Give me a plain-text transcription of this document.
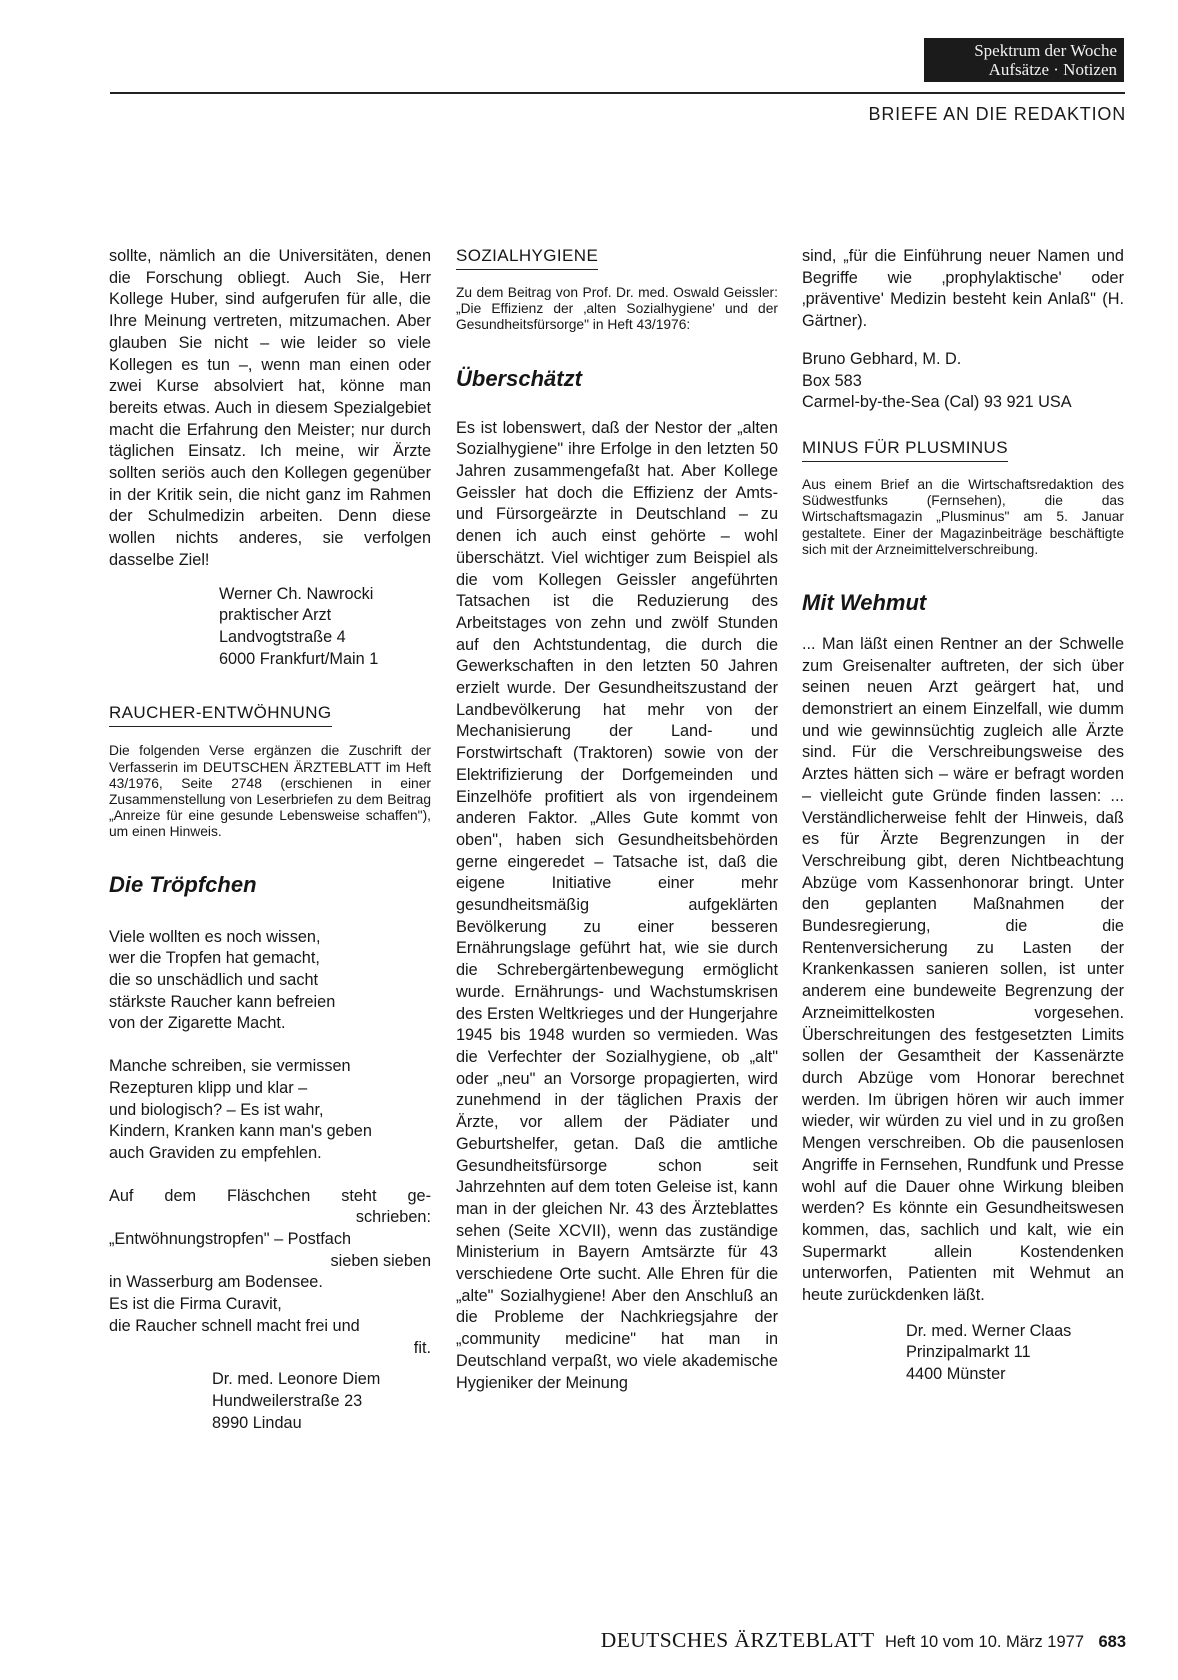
Spektrum der Woche
Aufsätze · Notizen
BRIEFE AN DIE REDAKTION

sollte, nämlich an die Universitäten, denen die Forschung obliegt. Auch Sie, Herr Kollege Huber, sind aufgerufen für alle, die Ihre Meinung vertreten, mitzumachen. Aber glauben Sie nicht – wie leider so viele Kollegen es tun –, wenn man einen oder zwei Kurse absolviert hat, könne man bereits etwas. Auch in diesem Spezialgebiet macht die Erfahrung den Meister; nur durch täglichen Einsatz. Ich meine, wir Ärzte sollten seriös auch den Kollegen gegenüber in der Kritik sein, die nicht ganz im Rahmen der Schulmedizin arbeiten. Denn diese wollen nichts anderes, sie verfolgen dasselbe Ziel!

Werner Ch. Nawrocki
praktischer Arzt
Landvogtstraße 4
6000 Frankfurt/Main 1
RAUCHER-ENTWÖHNUNG

Die folgenden Verse ergänzen die Zuschrift der Verfasserin im DEUTSCHEN ÄRZTEBLATT im Heft 43/1976, Seite 2748 (erschienen in einer Zusammenstellung von Leserbriefen zu dem Beitrag „Anreize für eine gesunde Lebensweise schaffen"), um einen Hinweis.

Die Tröpfchen

Viele wollten es noch wissen,
wer die Tropfen hat gemacht,
die so unschädlich und sacht
stärkste Raucher kann befreien
von der Zigarette Macht.
Manche schreiben, sie vermissen
Rezepturen klipp und klar –
und biologisch? – Es ist wahr,
Kindern, Kranken kann man's geben
auch Graviden zu empfehlen.
Auf dem Fläschchen steht ge-
schrieben:
„Entwöhnungstropfen" – Postfach
sieben sieben
in Wasserburg am Bodensee.
Es ist die Firma Curavit,
die Raucher schnell macht frei und
fit.
Dr. med. Leonore Diem
Hundweilerstraße 23
8990 Lindau
SOZIALHYGIENE

Zu dem Beitrag von Prof. Dr. med. Oswald Geissler: „Die Effizienz der ‚alten Sozialhygiene' und der Gesundheitsfürsorge" in Heft 43/1976:

Überschätzt

Es ist lobenswert, daß der Nestor der „alten Sozialhygiene" ihre Erfolge in den letzten 50 Jahren zusammengefaßt hat. Aber Kollege Geissler hat doch die Effizienz der Amts- und Fürsorgeärzte in Deutschland – zu denen ich auch einst gehörte – wohl überschätzt. Viel wichtiger zum Beispiel als die vom Kollegen Geissler angeführten Tatsachen ist die Reduzierung des Arbeitstages von zehn und zwölf Stunden auf den Achtstundentag, die durch die Gewerkschaften in den letzten 50 Jahren erzielt wurde. Der Gesundheitszustand der Landbevölkerung hat mehr von der Mechanisierung der Land- und Forstwirtschaft (Traktoren) sowie von der Elektrifizierung der Dorfgemeinden und Einzelhöfe profitiert als von irgendeinem anderen Faktor. „Alles Gute kommt von oben", haben sich Gesundheitsbehörden gerne eingeredet – Tatsache ist, daß die eigene Initiative einer mehr gesundheitsmäßig aufgeklärten Bevölkerung zu einer besseren Ernährungslage geführt hat, wie sie durch die Schrebergärtenbewegung ermöglicht wurde. Ernährungs- und Wachstumskrisen des Ersten Weltkrieges und der Hungerjahre 1945 bis 1948 wurden so vermieden. Was die Verfechter der Sozialhygiene, ob „alt" oder „neu" an Vorsorge propagierten, wird zunehmend in der täglichen Praxis der Ärzte, vor allem der Pädiater und Geburtshelfer, getan. Daß die amtliche Gesundheitsfürsorge schon seit Jahrzehnten auf dem toten Geleise ist, kann man in der gleichen Nr. 43 des Ärzteblattes sehen (Seite XCVII), wenn das zuständige Ministerium in Bayern Amtsärzte für 43 verschiedene Orte sucht. Alle Ehren für die „alte" Sozialhygiene! Aber den Anschluß an die Probleme der Nachkriegsjahre der „community medicine" hat man in Deutschland verpaßt, wo viele akademische Hygieniker der Meinung

sind, „für die Einführung neuer Namen und Begriffe wie ‚prophylaktische' oder ‚präventive' Medizin besteht kein Anlaß" (H. Gärtner).

Bruno Gebhard, M. D.
Box 583
Carmel-by-the-Sea (Cal) 93 921 USA
MINUS FÜR PLUSMINUS

Aus einem Brief an die Wirtschaftsredaktion des Südwestfunks (Fernsehen), die das Wirtschaftsmagazin „Plusminus" am 5. Januar gestaltete. Einer der Magazinbeiträge beschäftigte sich mit der Arzneimittelverschreibung.

Mit Wehmut

... Man läßt einen Rentner an der Schwelle zum Greisenalter auftreten, der sich über seinen neuen Arzt geärgert hat, und demonstriert an einem Einzelfall, wie dumm und wie gewinnsüchtig zugleich alle Ärzte sind. Für die Verschreibungsweise des Arztes hätten sich – wäre er befragt worden – vielleicht gute Gründe finden lassen: ... Verständlicherweise fehlt der Hinweis, daß es für Ärzte Begrenzungen in der Verschreibung gibt, deren Nichtbeachtung Abzüge vom Kassenhonorar bringt. Unter den geplanten Maßnahmen der Bundesregierung, die die Rentenversicherung zu Lasten der Krankenkassen sanieren sollen, ist unter anderem eine bundeweite Begrenzung der Arzneimittelkosten vorgesehen. Überschreitungen des festgesetzten Limits sollen der Gesamtheit der Kassenärzte durch Abzüge vom Honorar berechnet werden. Im übrigen hören wir auch immer wieder, wir würden zu viel und in zu großen Mengen verschreiben. Ob die pausenlosen Angriffe in Fernsehen, Rundfunk und Presse wohl auf die Dauer ohne Wirkung bleiben werden? Es könnte ein Gesundheitswesen kommen, das, sachlich und kalt, wie ein Supermarkt allein Kostendenken unterworfen, Patienten mit Wehmut an heute zurückdenken läßt.

Dr. med. Werner Claas
Prinzipalmarkt 11
4400 Münster
DEUTSCHES ÄRZTEBLATT Heft 10 vom 10. März 1977 683
